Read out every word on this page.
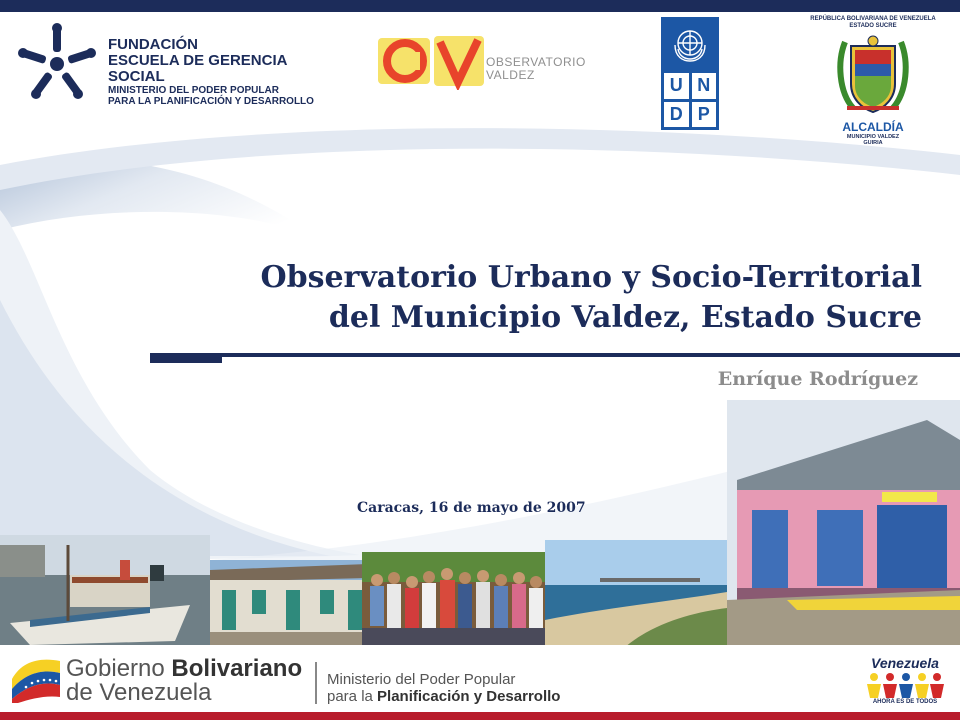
FUNDACIÓN
ESCUELA DE GERENCIA SOCIAL
MINISTERIO DEL PODER POPULAR
PARA LA PLANIFICACIÓN Y DESARROLLO
OBSERVATORIO
VALDEZ
U N
D P
REPÚBLICA BOLIVARIANA DE VENEZUELA
ESTADO SUCRE
ALCALDÍA
MUNICIPIO VALDEZ
GUIRIA
Observatorio Urbano y Socio-Territorial
del Municipio Valdez, Estado Sucre
Enríque Rodríguez
Caracas, 16 de mayo de 2007
Gobierno Bolivariano
de Venezuela	Ministerio del Poder Popular
para la Planificación y Desarrollo
Venezuela
AHORA ES DE TODOS
